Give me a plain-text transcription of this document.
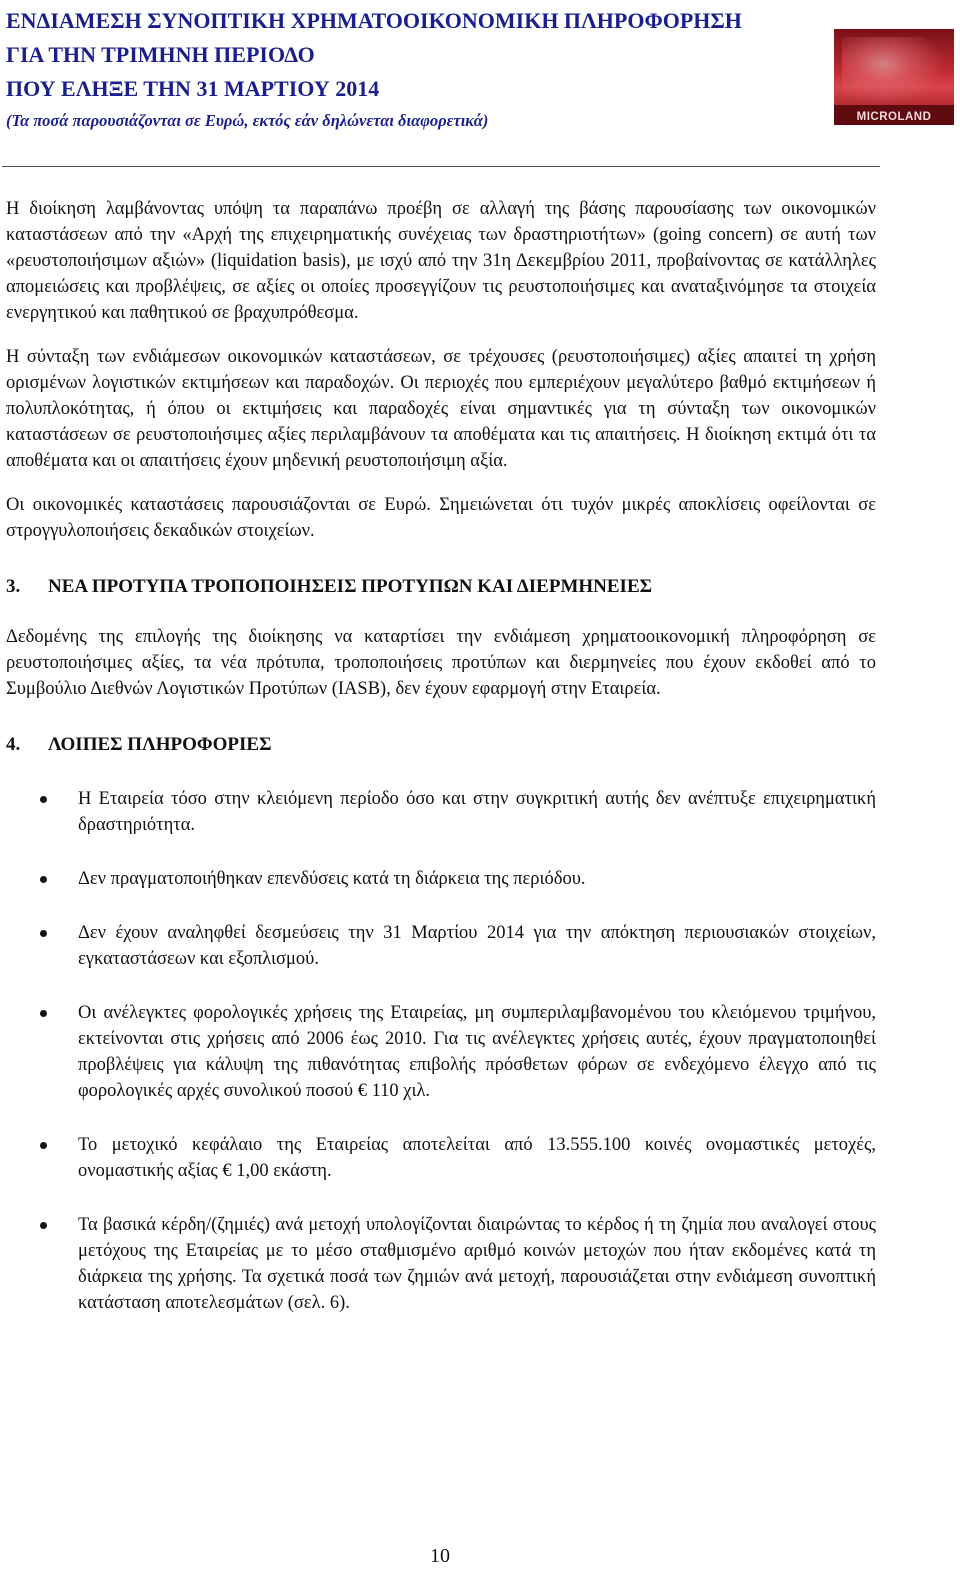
ΕΝΔΙΑΜΕΣΗ ΣΥΝΟΠΤΙΚΗ ΧΡΗΜΑΤΟΟΙΚΟΝΟΜΙΚΗ ΠΛΗΡΟΦΟΡΗΣΗ
ΓΙΑ ΤΗΝ ΤΡΙΜΗΝΗ ΠΕΡΙΟΔΟ
ΠΟΥ ΕΛΗΞΕ ΤΗΝ 31 ΜΑΡΤΙΟΥ 2014
(Τα ποσά παρουσιάζονται σε Ευρώ, εκτός εάν δηλώνεται διαφορετικά)	MICROLAND

Η διοίκηση λαμβάνοντας υπόψη τα παραπάνω προέβη σε αλλαγή της βάσης παρουσίασης των οικονομικών καταστάσεων από την «Αρχή της επιχειρηματικής συνέχειας των δραστηριοτήτων» (going concern) σε αυτή των «ρευστοποιήσιμων αξιών» (liquidation basis), με ισχύ από την 31η Δεκεμβρίου 2011, προβαίνοντας σε κατάλληλες απομειώσεις και προβλέψεις, σε αξίες οι οποίες προσεγγίζουν τις ρευστοποιήσιμες και αναταξινόμησε τα στοιχεία ενεργητικού και παθητικού σε βραχυπρόθεσμα.

Η σύνταξη των ενδιάμεσων οικονομικών καταστάσεων, σε τρέχουσες (ρευστοποιήσιμες) αξίες απαιτεί τη χρήση ορισμένων λογιστικών εκτιμήσεων και παραδοχών. Οι περιοχές που εμπεριέχουν μεγαλύτερο βαθμό εκτιμήσεων ή πολυπλοκότητας, ή όπου οι εκτιμήσεις και παραδοχές είναι σημαντικές για τη σύνταξη των οικονομικών καταστάσεων σε ρευστοποιήσιμες αξίες περιλαμβάνουν τα αποθέματα και τις απαιτήσεις. Η διοίκηση εκτιμά ότι τα αποθέματα και οι απαιτήσεις έχουν μηδενική ρευστοποιήσιμη αξία.

Οι οικονομικές καταστάσεις παρουσιάζονται σε Ευρώ. Σημειώνεται ότι τυχόν μικρές αποκλίσεις οφείλονται σε στρογγυλοποιήσεις δεκαδικών στοιχείων.

3. ΝΕΑ ΠΡΟΤΥΠΑ ΤΡΟΠΟΠΟΙΗΣΕΙΣ ΠΡΟΤΥΠΩΝ ΚΑΙ ΔΙΕΡΜΗΝΕΙΕΣ

Δεδομένης της επιλογής της διοίκησης να καταρτίσει την ενδιάμεση χρηματοοικονομική πληροφόρηση σε ρευστοποιήσιμες αξίες, τα νέα πρότυπα, τροποποιήσεις προτύπων και διερμηνείες που έχουν εκδοθεί από το Συμβούλιο Διεθνών Λογιστικών Προτύπων (IASB), δεν έχουν εφαρμογή στην Εταιρεία.

4. ΛΟΙΠΕΣ ΠΛΗΡΟΦΟΡΙΕΣ
Η Εταιρεία τόσο στην κλειόμενη περίοδο όσο και στην συγκριτική αυτής δεν ανέπτυξε επιχειρηματική δραστηριότητα.
Δεν πραγματοποιήθηκαν επενδύσεις κατά τη διάρκεια της περιόδου.
Δεν έχουν αναληφθεί δεσμεύσεις την 31 Μαρτίου 2014 για την απόκτηση περιουσιακών στοιχείων, εγκαταστάσεων και εξοπλισμού.
Οι ανέλεγκτες φορολογικές χρήσεις της Εταιρείας, μη συμπεριλαμβανομένου του κλειόμενου τριμήνου, εκτείνονται στις χρήσεις από 2006 έως 2010. Για τις ανέλεγκτες χρήσεις αυτές, έχουν πραγματοποιηθεί προβλέψεις για κάλυψη της πιθανότητας επιβολής πρόσθετων φόρων σε ενδεχόμενο έλεγχο από τις φορολογικές αρχές συνολικού ποσού € 110 χιλ.
Το μετοχικό κεφάλαιο της Εταιρείας αποτελείται από 13.555.100 κοινές ονομαστικές μετοχές, ονομαστικής αξίας € 1,00 εκάστη.
Τα βασικά κέρδη/(ζημιές) ανά μετοχή υπολογίζονται διαιρώντας το κέρδος ή τη ζημία που αναλογεί στους μετόχους της Εταιρείας με το μέσο σταθμισμένο αριθμό κοινών μετοχών που ήταν εκδομένες κατά τη διάρκεια της χρήσης. Τα σχετικά ποσά των ζημιών ανά μετοχή, παρουσιάζεται στην ενδιάμεση συνοπτική κατάσταση αποτελεσμάτων (σελ. 6).
10
